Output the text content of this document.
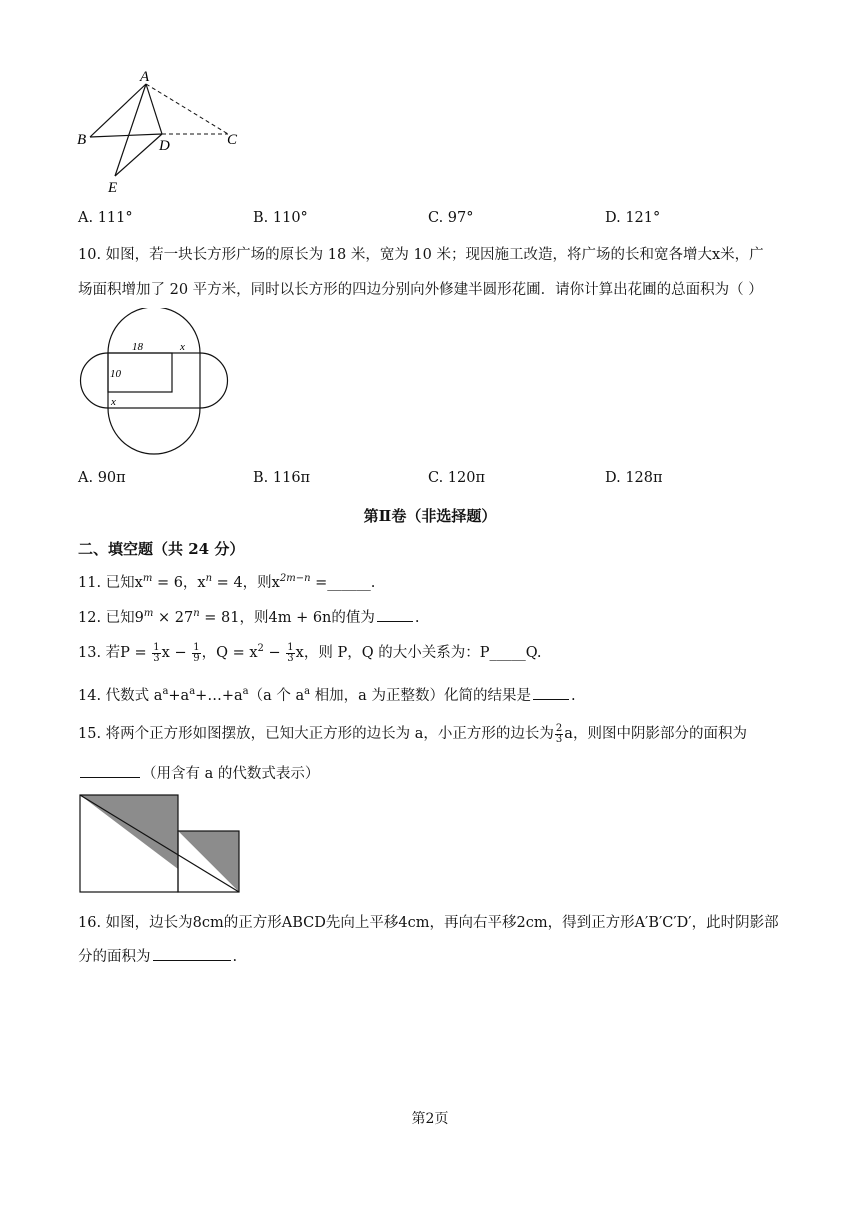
A
B	C
D
E
A. 111°	B. 110°	C. 97°	D. 121°
10. 如图，若一块长方形广场的原长为 18 米，宽为 10 米；现因施工改造，将广场的长和宽各增大x米，广
场面积增加了 20 平方米，同时以长方形的四边分别向外修建半圆形花圃．请你计算出花圃的总面积为（ ）
18
10
x
x
A. 90π	B. 116π	C. 120π	D. 128π
第Ⅱ卷（非选择题）
二、填空题（共 24 分）
11. 已知$x^m = 6$，$x^n = 4$，则$x^{2m-n}$ =______.
12. 已知$9^m \times 27^n = 81$，则4m + 6n的值为	.
13. 若$P = \frac{1}{3}$ $x - \frac{1}{9}$ ，$Q = x^2 - \frac{1}{3}$ x，则 P，Q 的大小关系为：P_____Q.
14. 代数式 $a^a+a^a+\dots+a^a(a$ 个 $a^a$ 相加，a 为正整数）化简的结果是	.
15. 将两个正方形如图摆放，已知大正方形的边长为 a，小正方形的边长为 $\frac{2}{3}$ a，则图中阴影部分的面积为
（用含有 a 的代数式表示）
16. 如图，边长为8cm的正方形ABCD先向上平移4cm，再向右平移2cm，得到正方形A′B′C′D′，此时阴影部
分的面积为	.
第2页
